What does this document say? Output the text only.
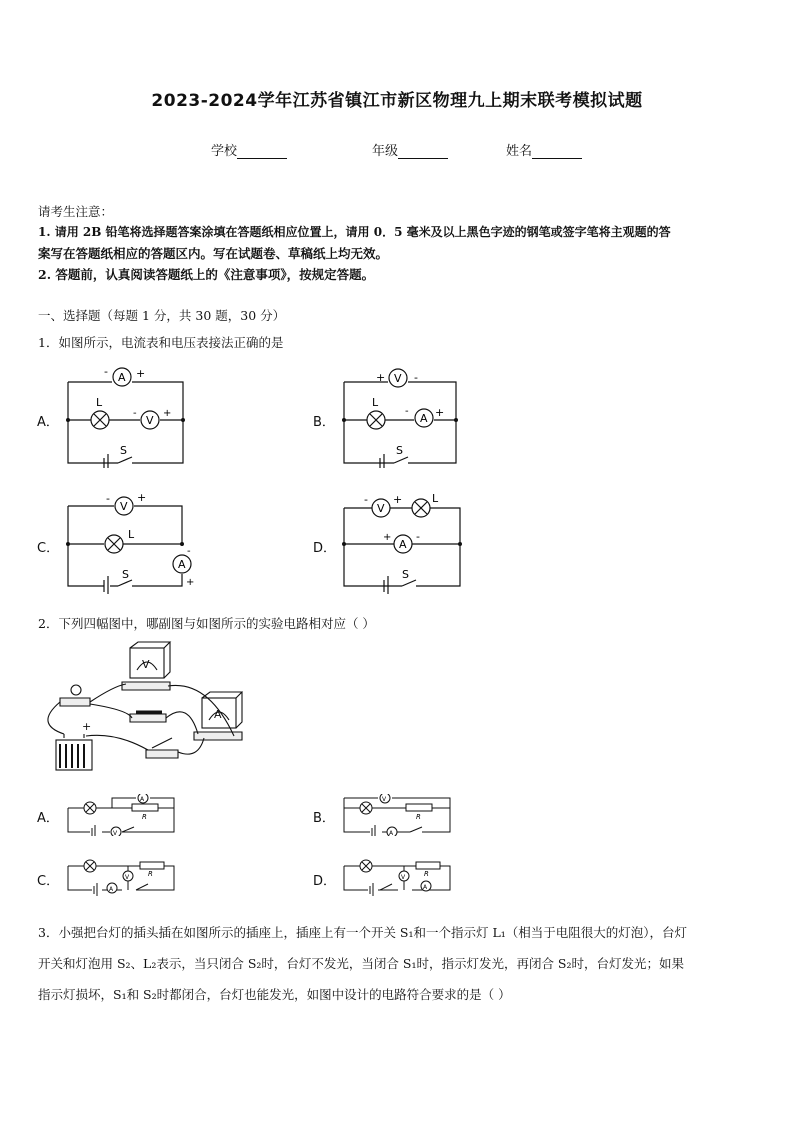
2023-2024学年江苏省镇江市新区物理九上期末联考模拟试题
学校	年级	姓名
请考生注意：
1. 请用 2B 铅笔将选择题答案涂填在答题纸相应位置上，请用 0．5 毫米及以上黑色字迹的钢笔或签字笔将主观题的答
案写在答题纸相应的答题区内。写在试题卷、草稿纸上均无效。
2. 答题前，认真阅读答题纸上的《注意事项》，按规定答题。
一、选择题（每题 1 分，共 30 题，30 分）
1．如图所示，电流表和电压表接法正确的是
A．	B．
C．	D．
A
V
-	+
L
-	+
S
V
A
+	-
L
- +
S
V
A
- +
L
-
+
S
V
A
- +	L
+ -
S
2．下列四幅图中，哪副图与如图所示的实验电路相对应（ ）
V
A
+
A．	B．
C．	D．
A
V
R
V
A
R
V
A
R	V
A
R
3．小强把台灯的插头插在如图所示的插座上，插座上有一个开关 S₁和一个指示灯 L₁（相当于电阻很大的灯泡），台灯
开关和灯泡用 S₂、L₂表示，当只闭合 S₂时，台灯不发光，当闭合 S₁时，指示灯发光，再闭合 S₂时，台灯发光；如果
指示灯损坏，S₁和 S₂时都闭合，台灯也能发光，如图中设计的电路符合要求的是（ ）
